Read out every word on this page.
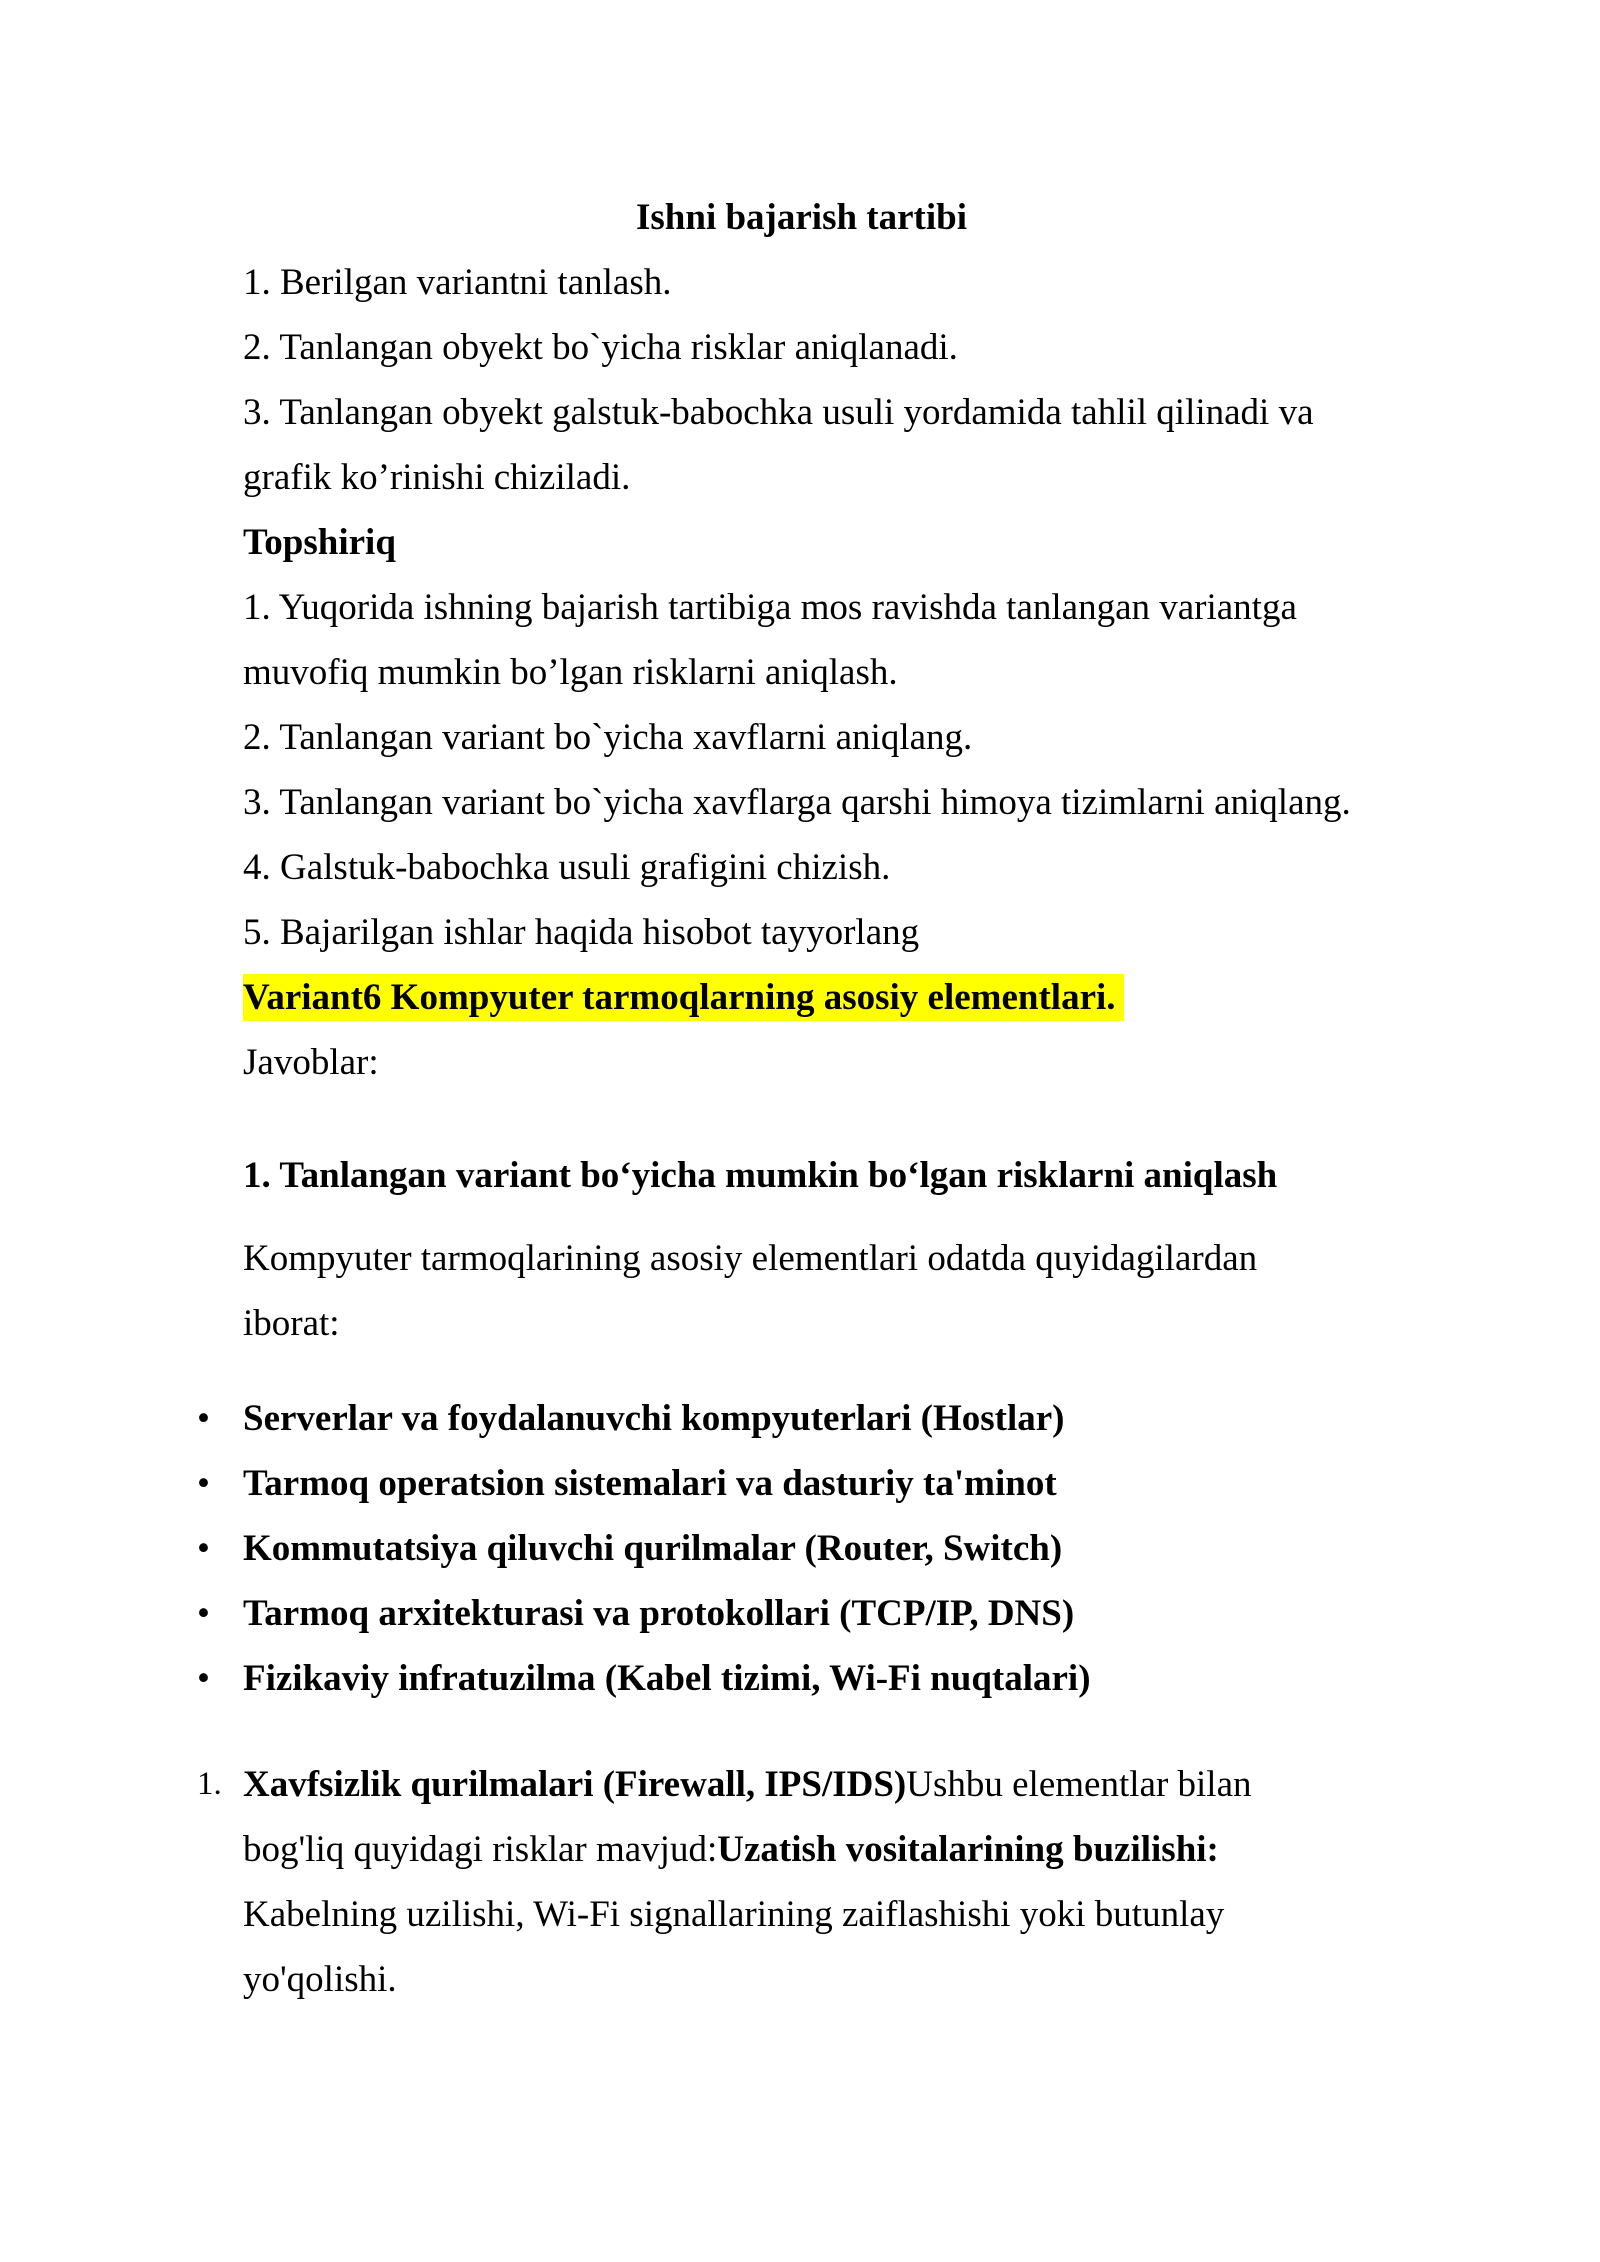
Ishni bajarish tartibi

1. Berilgan variantni tanlash.

2. Tanlangan obyekt bo`yicha risklar aniqlanadi.

3. Tanlangan obyekt galstuk-babochka usuli yordamida tahlil qilinadi va grafik ko’rinishi chiziladi.

Topshiriq

1. Yuqorida ishning bajarish tartibiga mos ravishda tanlangan variantga muvofiq mumkin bo’lgan risklarni aniqlash.

2. Tanlangan variant bo`yicha xavflarni aniqlang.

3. Tanlangan variant bo`yicha xavflarga qarshi himoya tizimlarni aniqlang.

4. Galstuk-babochka usuli grafigini chizish.

5. Bajarilgan ishlar haqida hisobot tayyorlang

Variant6 Kompyuter tarmoqlarning asosiy elementlari.

Javoblar:

1. Tanlangan variant boʻyicha mumkin boʻlgan risklarni aniqlash

Kompyuter tarmoqlarining asosiy elementlari odatda quyidagilardan iborat:

• Serverlar va foydalanuvchi kompyuterlari (Hostlar)

• Tarmoq operatsion sistemalari va dasturiy ta'minot

• Kommutatsiya qiluvchi qurilmalar (Router, Switch)

• Tarmoq arxitekturasi va protokollari (TCP/IP, DNS)

• Fizikaviy infratuzilma (Kabel tizimi, Wi-Fi nuqtalari)

1. Xavfsizlik qurilmalari (Firewall, IPS/IDS)Ushbu elementlar bilan bog'liq quyidagi risklar mavjud:Uzatish vositalarining buzilishi: Kabelning uzilishi, Wi-Fi signallarining zaiflashishi yoki butunlay yo'qolishi.
